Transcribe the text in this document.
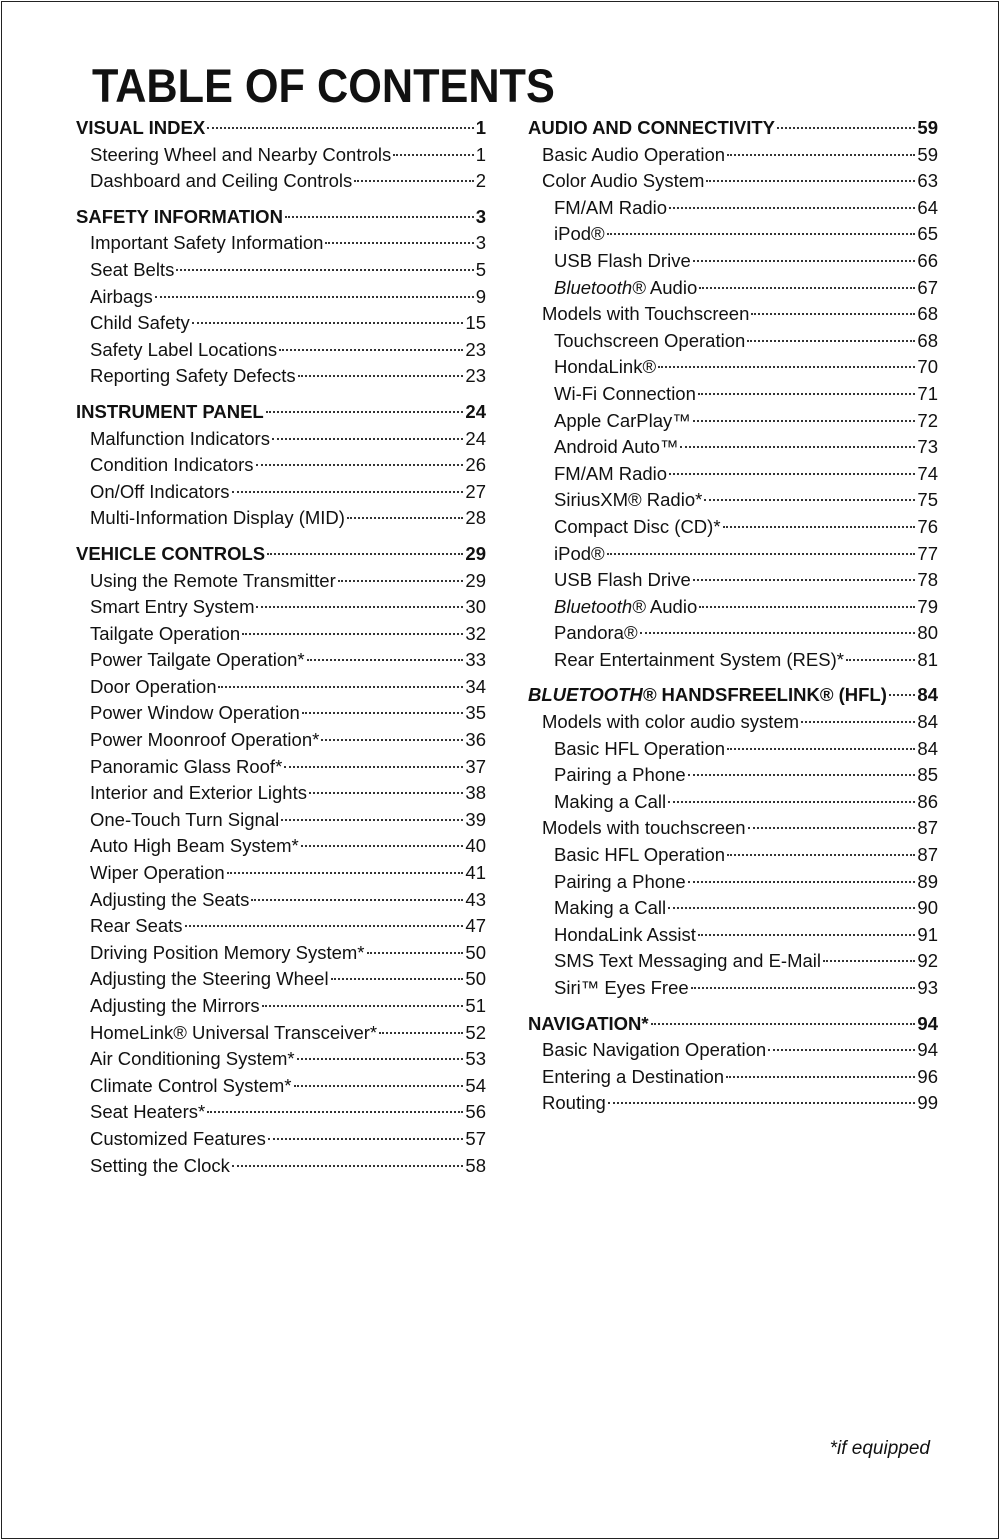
TABLE OF CONTENTS
VISUAL INDEX	1
Steering Wheel and Nearby Controls	1
Dashboard and Ceiling Controls	2
SAFETY INFORMATION	3
Important Safety Information	3
Seat Belts	5
Airbags	9
Child Safety	15
Safety Label Locations	23
Reporting Safety Defects	23
INSTRUMENT PANEL	24
Malfunction Indicators	24
Condition Indicators	26
On/Off Indicators	27
Multi-Information Display (MID)	28
VEHICLE CONTROLS	29
Using the Remote Transmitter	29
Smart Entry System	30
Tailgate Operation	32
Power Tailgate Operation*	33
Door Operation	34
Power Window Operation	35
Power Moonroof Operation*	36
Panoramic Glass Roof*	37
Interior and Exterior Lights	38
One-Touch Turn Signal	39
Auto High Beam System*	40
Wiper Operation	41
Adjusting the Seats	43
Rear Seats	47
Driving Position Memory System*	50
Adjusting the Steering Wheel	50
Adjusting the Mirrors	51
HomeLink® Universal Transceiver*	52
Air Conditioning System*	53
Climate Control System*	54
Seat Heaters*	56
Customized Features	57
Setting the Clock	58
AUDIO AND CONNECTIVITY	59
Basic Audio Operation	59
Color Audio System	63
FM/AM Radio	64
iPod®	65
USB Flash Drive	66
Bluetooth® Audio	67
Models with Touchscreen	68
Touchscreen Operation	68
HondaLink®	70
Wi-Fi Connection	71
Apple CarPlay™	72
Android Auto™	73
FM/AM Radio	74
SiriusXM® Radio*	75
Compact Disc (CD)*	76
iPod®	77
USB Flash Drive	78
Bluetooth® Audio	79
Pandora®	80
Rear Entertainment System (RES)*	81
BLUETOOTH® HANDSFREELINK® (HFL) 84
Models with color audio system	84
Basic HFL Operation	84
Pairing a Phone	85
Making a Call	86
Models with touchscreen	87
Basic HFL Operation	87
Pairing a Phone	89
Making a Call	90
HondaLink Assist	91
SMS Text Messaging and E-Mail	92
Siri™ Eyes Free	93
NAVIGATION*	94
Basic Navigation Operation	94
Entering a Destination	96
Routing	99
*if equipped
